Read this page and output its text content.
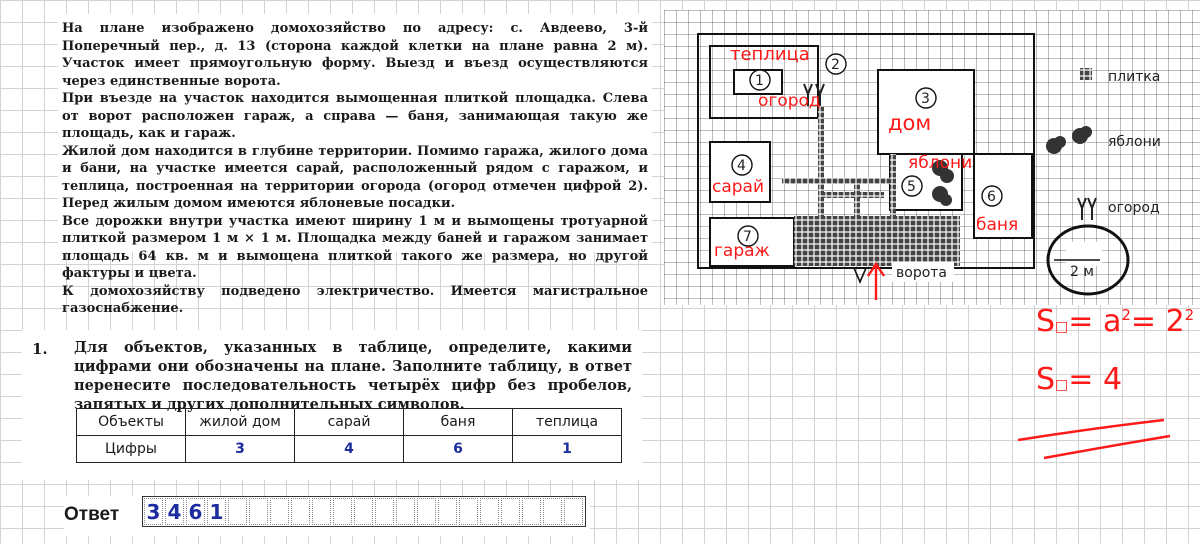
На плане изображено домохозяйство по адресу: с. Авдеево, 3-й Поперечный пер., д. 13 (сторона каждой клетки на плане равна 2 м). Участок имеет прямоугольную форму. Выезд и въезд осуществляются через единственные ворота.

При въезде на участок находится вымощенная плиткой площадка. Слева от ворот расположен гараж, а справа — баня, занимающая такую же площадь, как и гараж.

Жилой дом находится в глубине территории. Помимо гаража, жилого дома и бани, на участке имеется сарай, расположенный рядом с гаражом, и теплица, построенная на территории огорода (огород отмечен цифрой 2). Перед жилым домом имеются яблоневые посадки.

Все дорожки внутри участка имеют ширину 1 м и вымощены тротуарной плиткой размером 1 м × 1 м. Площадка между баней и гаражом занимает площадь 64 кв. м и вымощена плиткой такого же размера, но другой фактуры и цвета.

К домохозяйству подведено электричество. Имеется магистральное газоснабжение.

ворота
1
2
3
4
5
6
7
плитка
яблони
огород
2 м
теплица
огород
дом
яблони
сарай
баня
гараж
S□= $a^2= 2^2$
S□= 4
1. Для объектов, указанных в таблице, определите, какими цифрами они обозначены на плане. Заполните таблицу, в ответ перенесите последовательность четырёх цифр без пробелов, запятых и других дополнительных символов.
Объекты	жилой дом	сарай	баня	теплица
Цифры	3	4	6	1
Ответ 3 4 6 1
